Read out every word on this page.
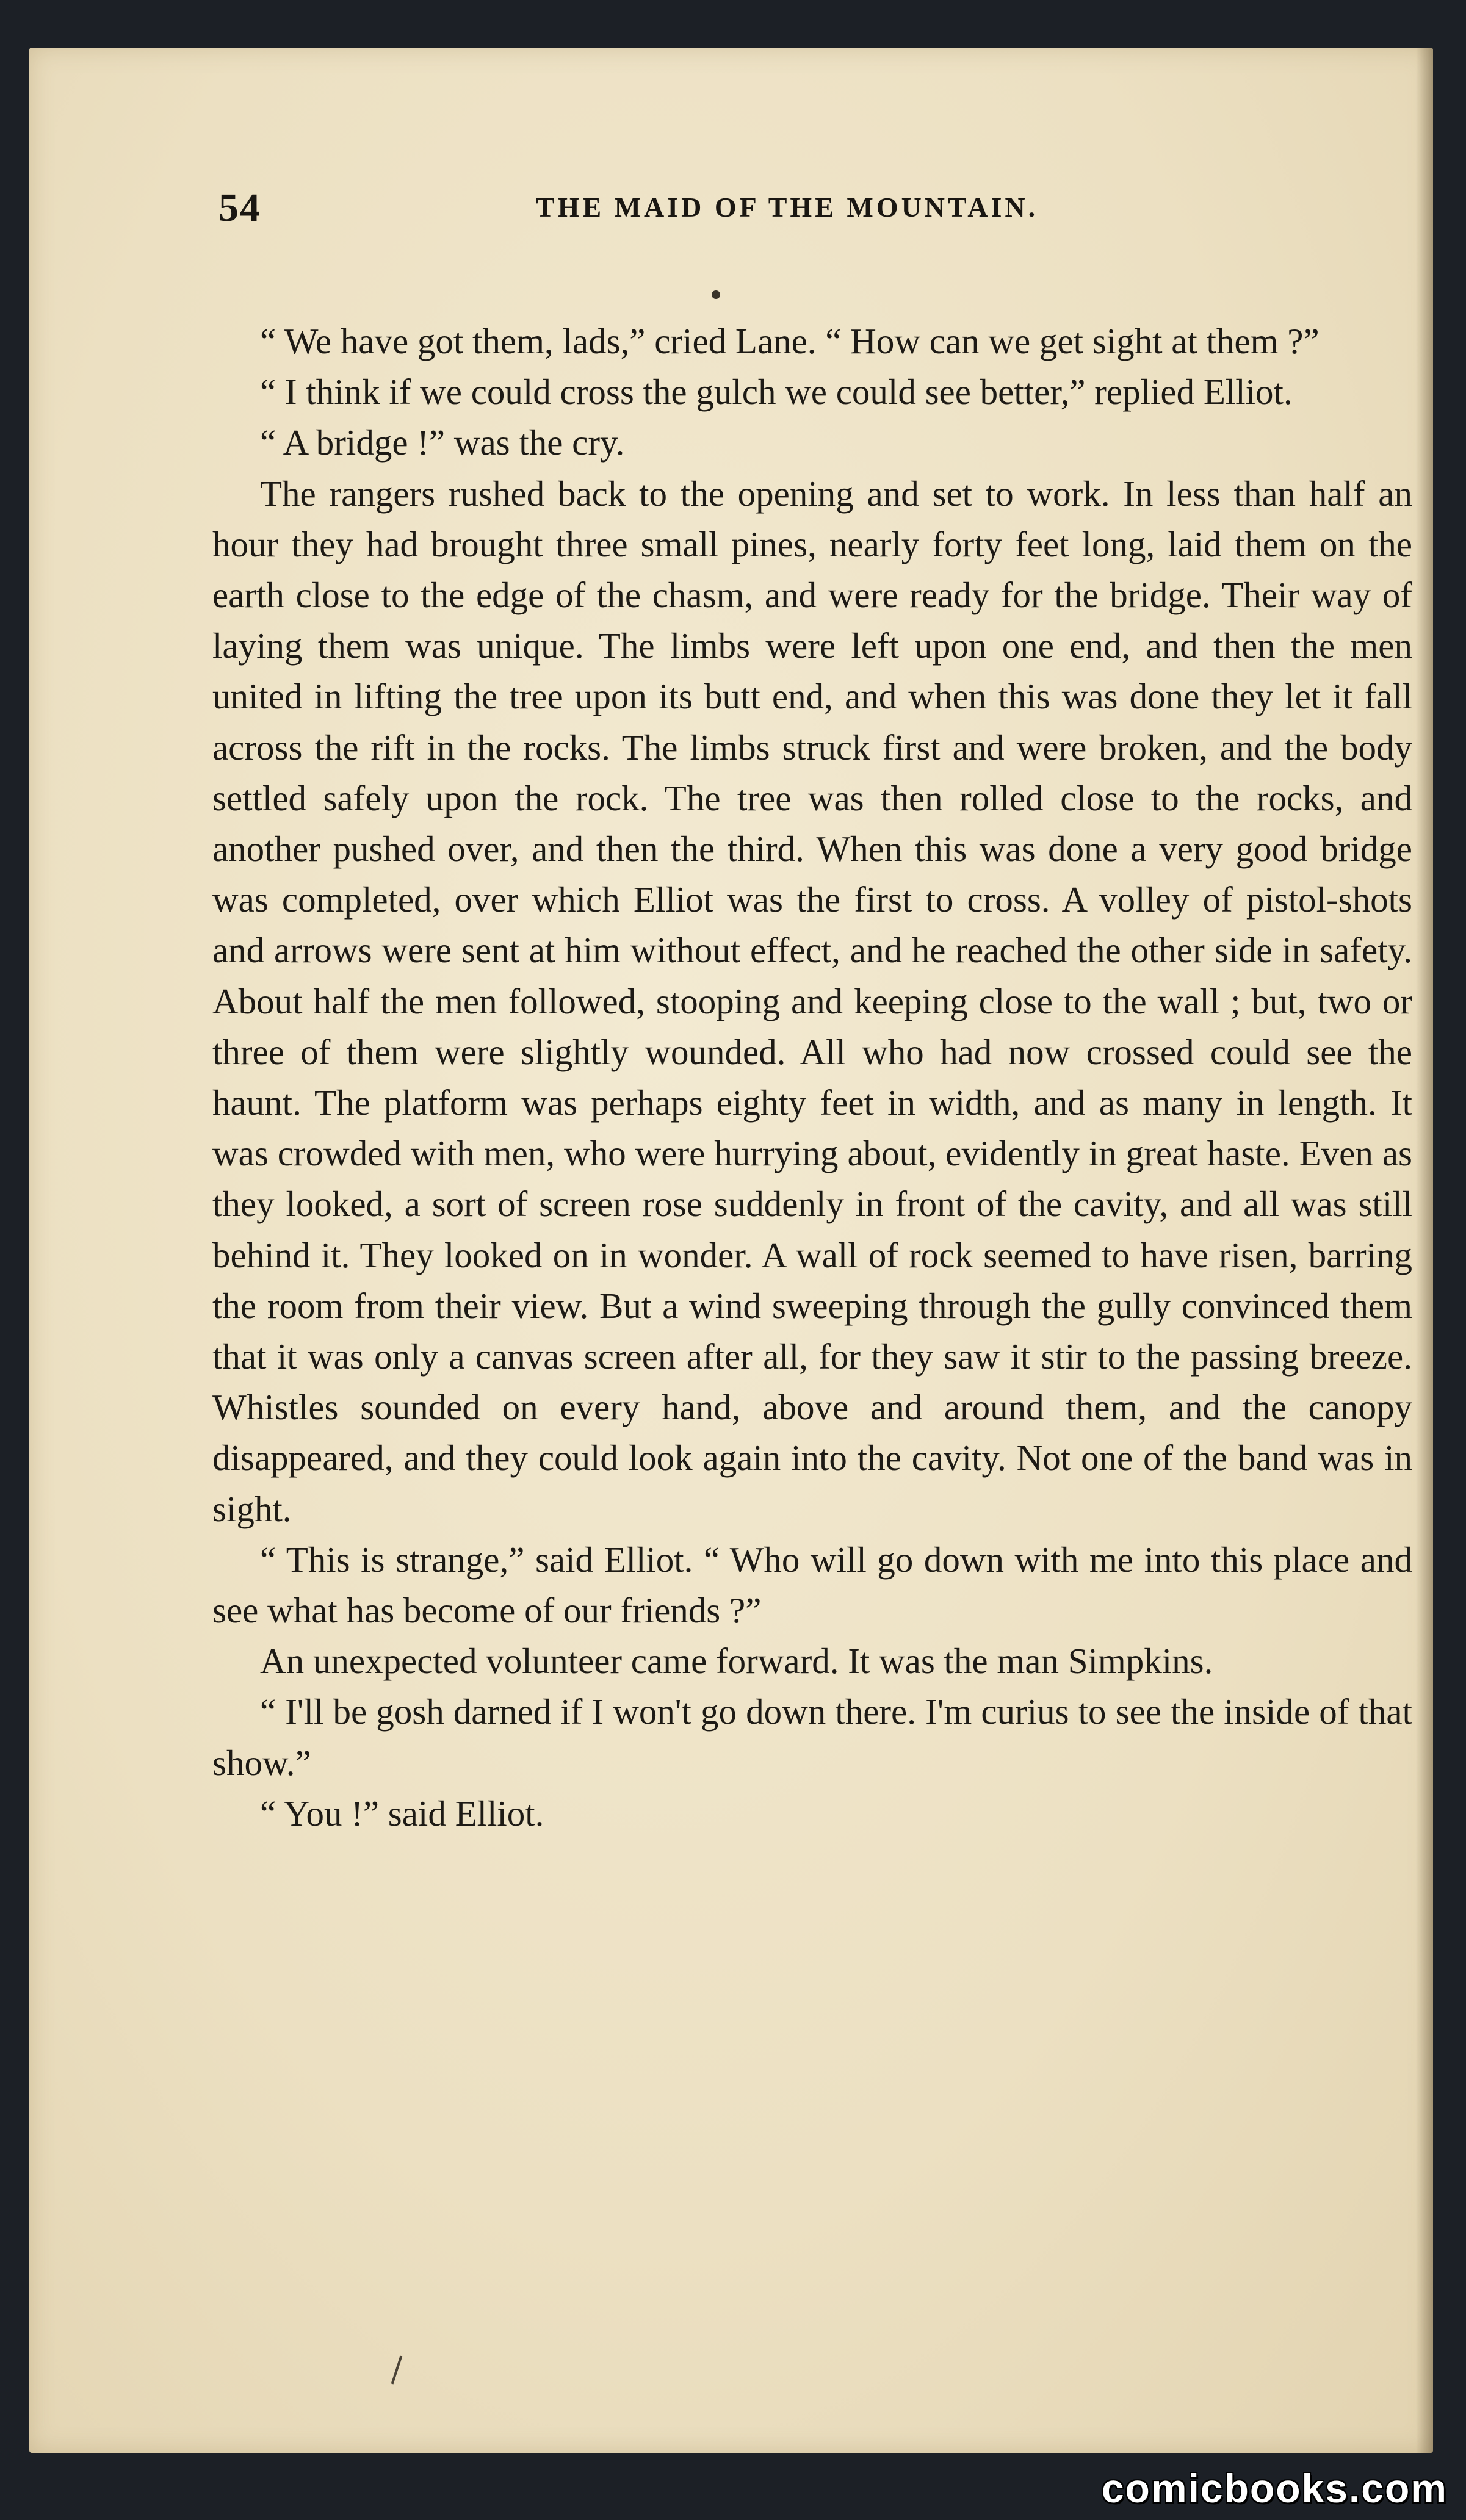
54	THE MAID OF THE MOUNTAIN.

“ We have got them, lads,” cried Lane. “ How can we get sight at them ?”

“ I think if we could cross the gulch we could see better,” replied Elliot.

“ A bridge !” was the cry.

The rangers rushed back to the opening and set to work. In less than half an hour they had brought three small pines, nearly forty feet long, laid them on the earth close to the edge of the chasm, and were ready for the bridge. Their way of laying them was unique. The limbs were left upon one end, and then the men united in lifting the tree upon its butt end, and when this was done they let it fall across the rift in the rocks. The limbs struck first and were broken, and the body settled safely upon the rock. The tree was then rolled close to the rocks, and another pushed over, and then the third. When this was done a very good bridge was completed, over which Elliot was the first to cross. A volley of pistol-shots and arrows were sent at him without effect, and he reached the other side in safety. About half the men followed, stooping and keeping close to the wall ; but, two or three of them were slightly wounded. All who had now crossed could see the haunt. The platform was perhaps eighty feet in width, and as many in length. It was crowded with men, who were hurrying about, evidently in great haste. Even as they looked, a sort of screen rose suddenly in front of the cavity, and all was still behind it. They looked on in wonder. A wall of rock seemed to have risen, barring the room from their view. But a wind sweeping through the gully convinced them that it was only a canvas screen after all, for they saw it stir to the passing breeze. Whistles sounded on every hand, above and around them, and the canopy disappeared, and they could look again into the cavity. Not one of the band was in sight.

“ This is strange,” said Elliot. “ Who will go down with me into this place and see what has become of our friends ?”

An unexpected volunteer came forward. It was the man Simpkins.

“ I'll be gosh darned if I won't go down there. I'm curius to see the inside of that show.”

“ You !” said Elliot.

comicbooks.com
